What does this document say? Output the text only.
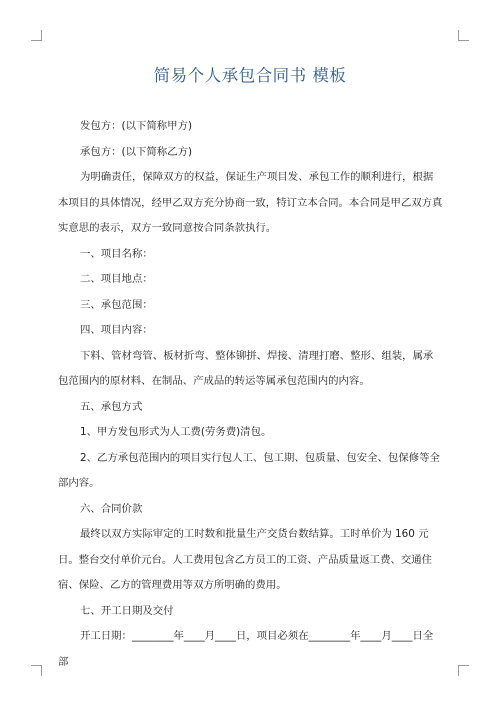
简易个人承包合同书 模板

发包方：(以下简称甲方)

承包方：(以下简称乙方)

为明确责任，保障双方的权益，保证生产项目发、承包工作的顺利进行，根据本项目的具体情况，经甲乙双方充分协商一致，特订立本合同。本合同是甲乙双方真实意思的表示，双方一致同意按合同条款执行。

一、项目名称：

二、项目地点：

三、承包范围：

四、项目内容：

下料、管材弯管、板材折弯、整体铆拼、焊接、清理打磨、整形、组装，属承包范围内的原材料、在制品、产成品的转运等属承包范围内的内容。

五、承包方式

1、甲方发包形式为人工费(劳务费)清包。

2、乙方承包范围内的项目实行包人工、包工期、包质量、包安全、包保修等全部内容。

六、合同价款

最终以双方实际审定的工时数和批量生产交货台数结算。工时单价为 160 元日。整台交付单价元台。人工费用包含乙方员工的工资、产品质量返工费、交通住宿、保险、乙方的管理费用等双方所明确的费用。

七、开工日期及交付

开工日期：________年____月____日，项目必须在________年____月____日全部
